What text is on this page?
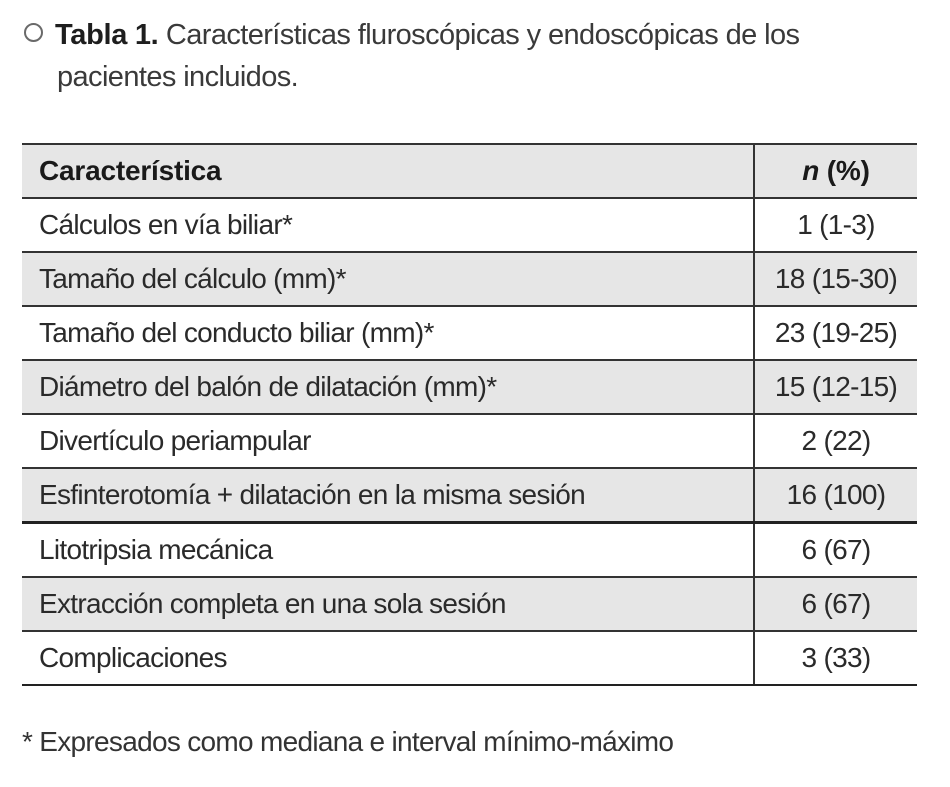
Tabla 1. Características fluroscópicas y endoscópicas de los

pacientes incluidos.
Característica	n (%)
Cálculos en vía biliar*	1 (1-3)
Tamaño del cálculo (mm)*	18 (15-30)
Tamaño del conducto biliar (mm)*	23 (19-25)
Diámetro del balón de dilatación (mm)*	15 (12-15)
Divertículo periampular	2 (22)
Esfinterotomía + dilatación en la misma sesión	16 (100)
Litotripsia mecánica	6 (67)
Extracción completa en una sola sesión	6 (67)
Complicaciones	3 (33)
* Expresados como mediana e interval mínimo-máximo
